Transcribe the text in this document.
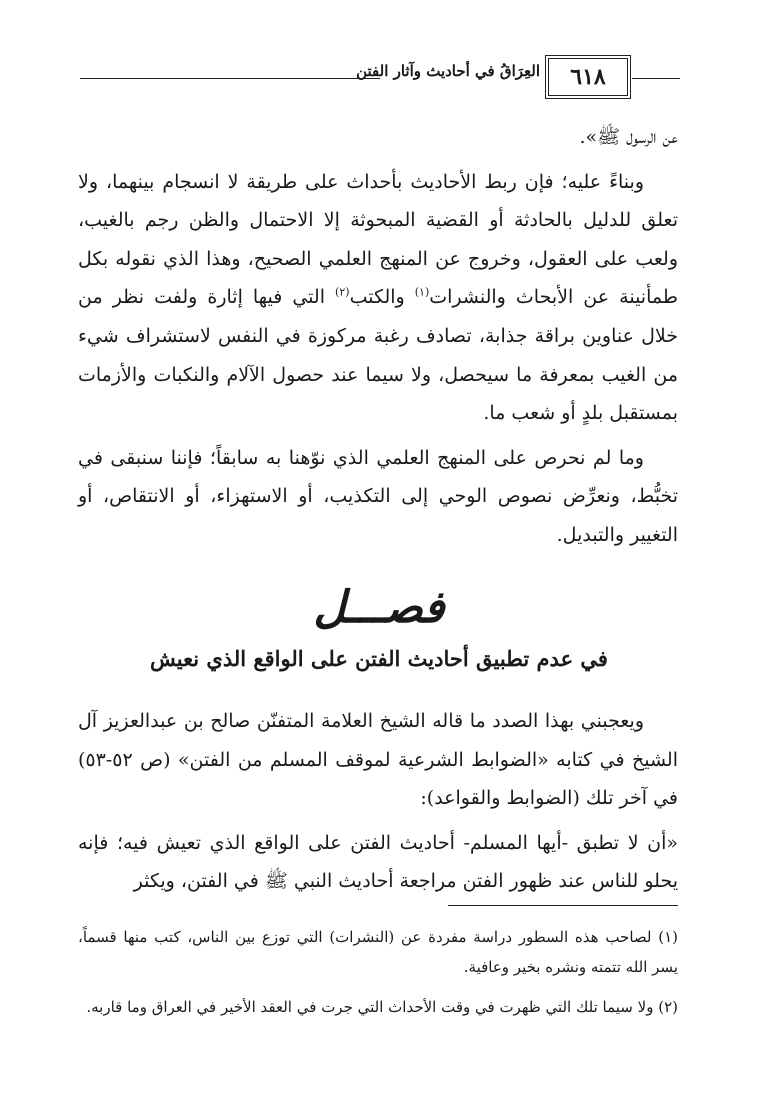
٦١٨
العِرَاقُ في أحاديث وآثار الفتن

عن الرسول ﷺ».

وبناءً عليه؛ فإن ربط الأحاديث بأحداث على طريقة لا انسجام بينهما، ولا تعلق للدليل بالحادثة أو القضية المبحوثة إلا الاحتمال والظن رجم بالغيب، ولعب على العقول، وخروج عن المنهج العلمي الصحيح، وهذا الذي نقوله بكل طمأنينة عن الأبحاث والنشرات$^{(١)}$ والكتب$^{(٢)}$ التي فيها إثارة ولفت نظر من خلال عناوين براقة جذابة، تصادف رغبة مركوزة في النفس لاستشراف شيء من الغيب بمعرفة ما سيحصل، ولا سيما عند حصول الآلام والنكبات والأزمات بمستقبل بلدٍ أو شعب ما.

وما لم نحرص على المنهج العلمي الذي نوّهنا به سابقاً؛ فإننا سنبقى في تخبُّط، ونعرِّض نصوص الوحي إلى التكذيب، أو الاستهزاء، أو الانتقاص، أو التغيير والتبديل.

فصـــل
في عدم تطبيق أحاديث الفتن على الواقع الذي نعيش

ويعجبني بهذا الصدد ما قاله الشيخ العلامة المتفنّن صالح بن عبدالعزيز آل الشيخ في كتابه «الضوابط الشرعية لموقف المسلم من الفتن» (ص ٥٢-٥٣) في آخر تلك (الضوابط والقواعد):

«أن لا تطبق -أيها المسلم- أحاديث الفتن على الواقع الذي تعيش فيه؛ فإنه يحلو للناس عند ظهور الفتن مراجعة أحاديث النبي ﷺ في الفتن، ويكثر

(١) لصاحب هذه السطور دراسة مفردة عن (النشرات) التي توزع بين الناس، كتب منها قسماً، يسر الله تتمته ونشره بخير وعافية.

(٢) ولا سيما تلك التي ظهرت في وقت الأحداث التي جرت في العقد الأخير في العراق وما قاربه.
